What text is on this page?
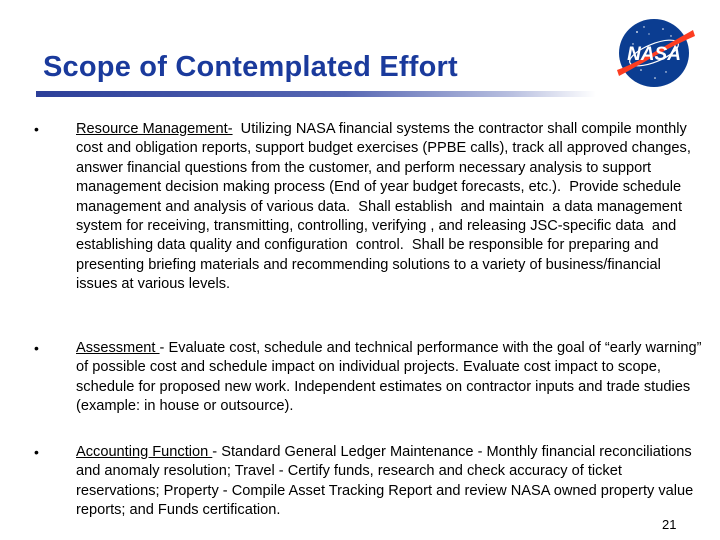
Scope of Contemplated Effort	NASA
•	Resource Management-  Utilizing NASA financial systems the contractor shall compile monthly cost and obligation reports, support budget exercises (PPBE calls), track all approved changes, answer financial questions from the customer, and perform necessary analysis to support management decision making process (End of year budget forecasts, etc.).  Provide schedule management and analysis of various data.  Shall establish  and maintain  a data management system for receiving, transmitting, controlling, verifying , and releasing JSC-specific data  and establishing data quality and configuration  control.  Shall be responsible for preparing and presenting briefing materials and recommending solutions to a variety of business/financial issues at various levels.

•	Assessment - Evaluate cost, schedule and technical performance with the goal of “early warning” of possible cost and schedule impact on individual projects. Evaluate cost impact to scope, schedule for proposed new work. Independent estimates on contractor inputs and trade studies (example: in house or outsource).

•	Accounting Function - Standard General Ledger Maintenance - Monthly financial reconciliations and anomaly resolution; Travel - Certify funds, research and check accuracy of ticket reservations; Property - Compile Asset Tracking Report and review NASA owned property value reports; and Funds certification.

21
